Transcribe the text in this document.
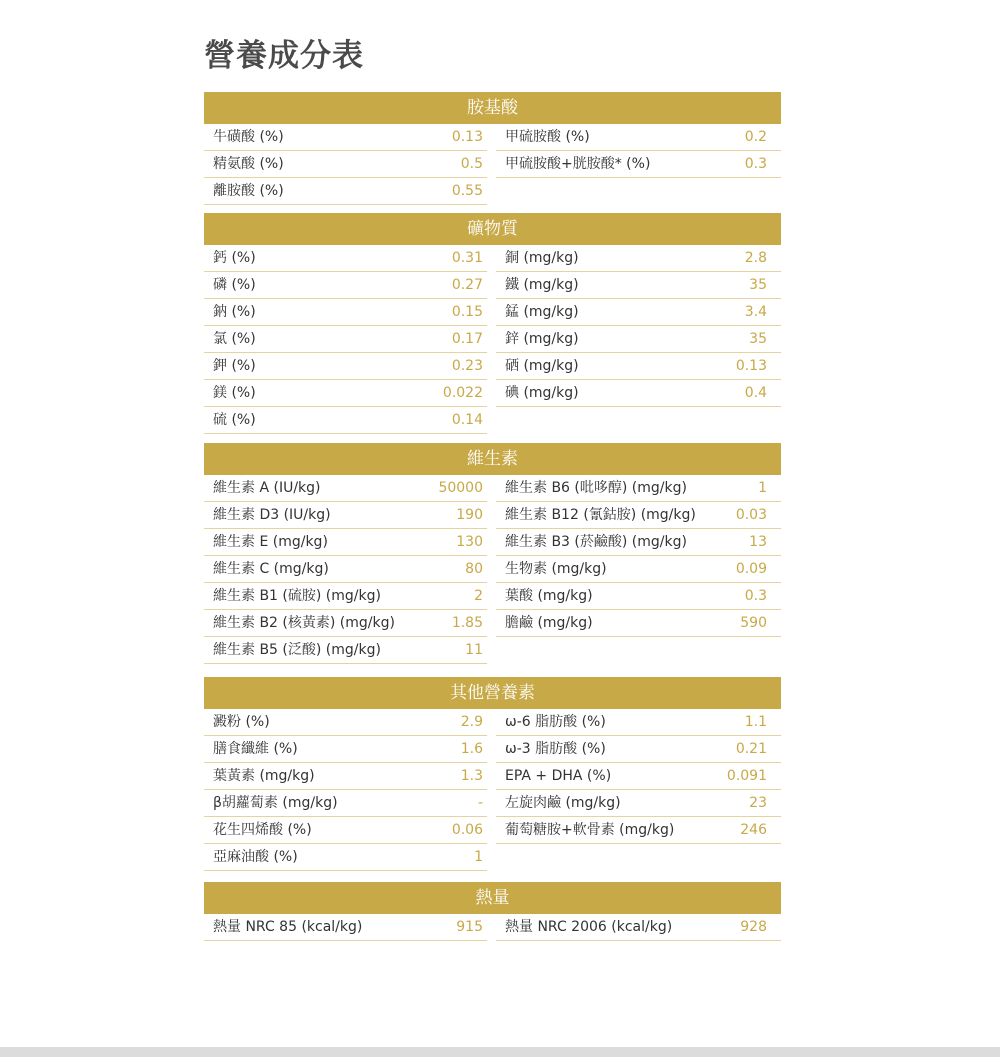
營養成分表
胺基酸
牛磺酸 (%)	0.13 甲硫胺酸 (%)	0.2
精氨酸 (%)	0.5 甲硫胺酸+胱胺酸* (%)	0.3
離胺酸 (%)	0.55
礦物質
鈣 (%)	0.31 銅 (mg/kg)	2.8
磷 (%)	0.27 鐵 (mg/kg)	35
鈉 (%)	0.15 錳 (mg/kg)	3.4
氯 (%)	0.17 鋅 (mg/kg)	35
鉀 (%)	0.23 硒 (mg/kg)	0.13
鎂 (%)	0.022 碘 (mg/kg)	0.4
硫 (%)	0.14
維生素
維生素 A (IU/kg)	50000 維生素 B6 (吡哆醇) (mg/kg)	1
維生素 D3 (IU/kg)	190 維生素 B12 (氰鈷胺) (mg/kg)	0.03
維生素 E (mg/kg)	130 維生素 B3 (菸鹼酸) (mg/kg)	13
維生素 C (mg/kg)	80 生物素 (mg/kg)	0.09
維生素 B1 (硫胺) (mg/kg)	2 葉酸 (mg/kg)	0.3
維生素 B2 (核黃素) (mg/kg)	1.85 膽鹼 (mg/kg)	590
維生素 B5 (泛酸) (mg/kg)	11
其他營養素
澱粉 (%)	2.9 ω-6 脂肪酸 (%)	1.1
膳食纖維 (%)	1.6 ω-3 脂肪酸 (%)	0.21
葉黃素 (mg/kg)	1.3 EPA + DHA (%)	0.091
β胡蘿蔔素 (mg/kg)	- 左旋肉鹼 (mg/kg)	23
花生四烯酸 (%)	0.06 葡萄糖胺+軟骨素 (mg/kg)	246
亞麻油酸 (%)	1
熱量
熱量 NRC 85 (kcal/kg)	915 熱量 NRC 2006 (kcal/kg)	928
